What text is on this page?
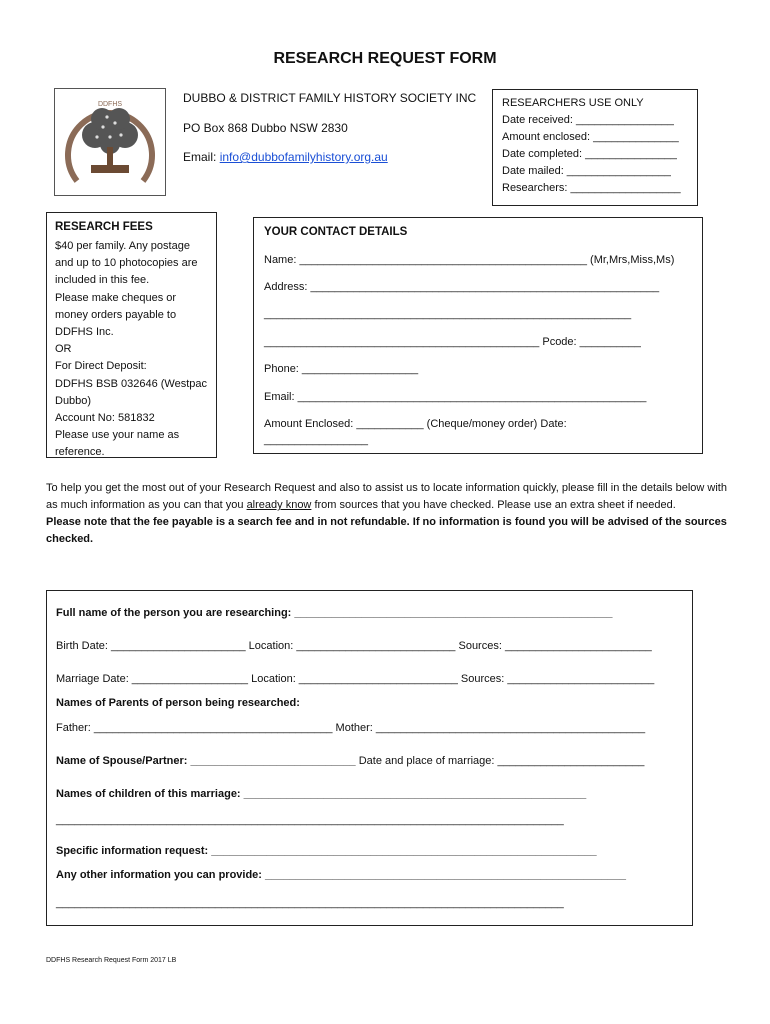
RESEARCH REQUEST FORM
DDFHS	DUBBO & DISTRICT FAMILY HISTORY SOCIETY INC
PO Box 868 Dubbo NSW 2830
Email: info@dubbofamilyhistory.org.au
RESEARCHERS USE ONLY
Date received: ________________
Amount enclosed: ______________
Date completed: _______________
Date mailed: _________________
Researchers: __________________
RESEARCH FEES
$40 per family. Any postage
and up to 10 photocopies are
included in this fee.
Please make cheques or
money orders payable to
DDFHS Inc.
OR
For Direct Deposit:
DDFHS BSB 032646 (Westpac
Dubbo)
Account No: 581832
Please use your name as
reference.
YOUR CONTACT DETAILS
Name: _______________________________________________ (Mr,Mrs,Miss,Ms)
Address: _________________________________________________________
____________________________________________________________
_____________________________________________ Pcode: __________
Phone: ___________________
Email: _________________________________________________________
Amount Enclosed: ___________ (Cheque/money order) Date:
_________________
To help you get the most out of your Research Request and also to assist us to locate information quickly, please fill in the details below with as much information as you can that you already know from sources that you have checked. Please use an extra sheet if needed.
Please note that the fee payable is a search fee and in not refundable. If no information is found you will be advised of the sources checked.
Full name of the person you are researching: ____________________________________________________
Birth Date: ______________________ Location: __________________________ Sources: ________________________
Marriage Date: ___________________ Location: __________________________ Sources: ________________________
Names of Parents of person being researched:
Father: _______________________________________ Mother: ____________________________________________
Name of Spouse/Partner: ___________________________ Date and place of marriage: ________________________
Names of children of this marriage: ________________________________________________________
___________________________________________________________________________________
Specific information request: _______________________________________________________________
Any other information you can provide: ___________________________________________________________
___________________________________________________________________________________
DDFHS Research Request Form 2017 LB
